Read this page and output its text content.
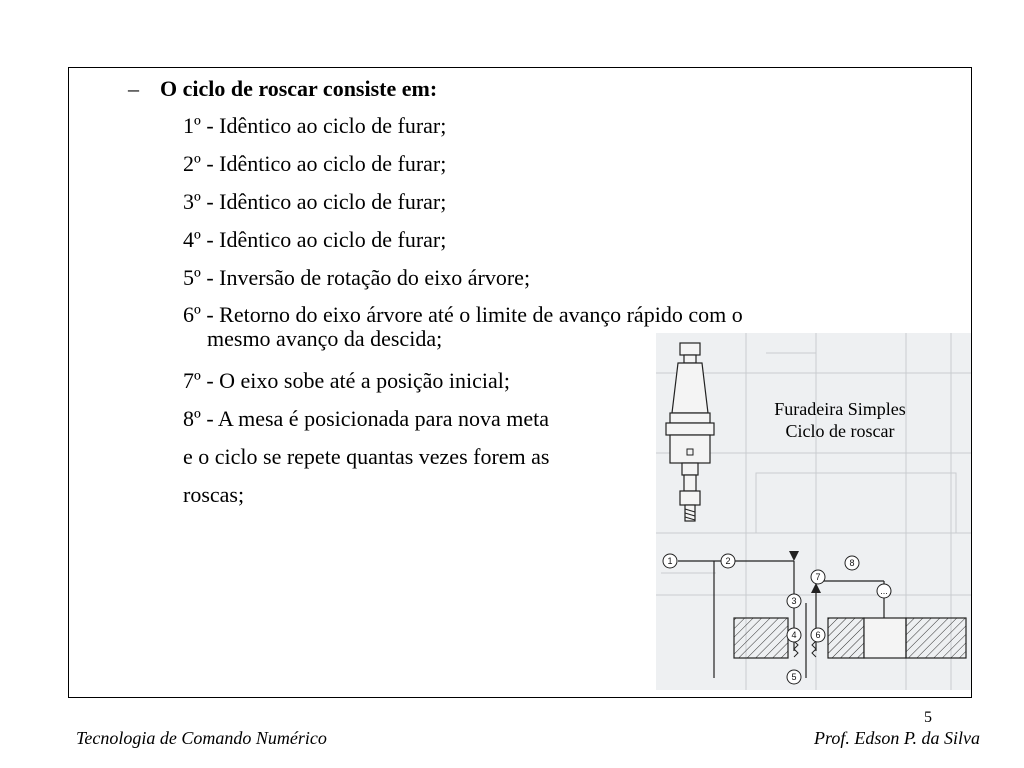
– O ciclo de roscar consiste em:
1º - Idêntico ao ciclo de furar;
2º - Idêntico ao ciclo de furar;
3º - Idêntico ao ciclo de furar;
4º - Idêntico ao ciclo de furar;
5º - Inversão de rotação do eixo árvore;
6º - Retorno do eixo árvore até o limite de avanço rápido com o
mesmo avanço da descida;
1	2
3
4
5
6
7
8
...
Furadeira Simples
Ciclo de roscar
7º - O eixo sobe até a posição inicial;
8º - A mesa é posicionada para nova meta
e o ciclo se repete quantas vezes forem as
roscas;
5
Tecnologia de Comando Numérico	Prof. Edson P. da Silva
